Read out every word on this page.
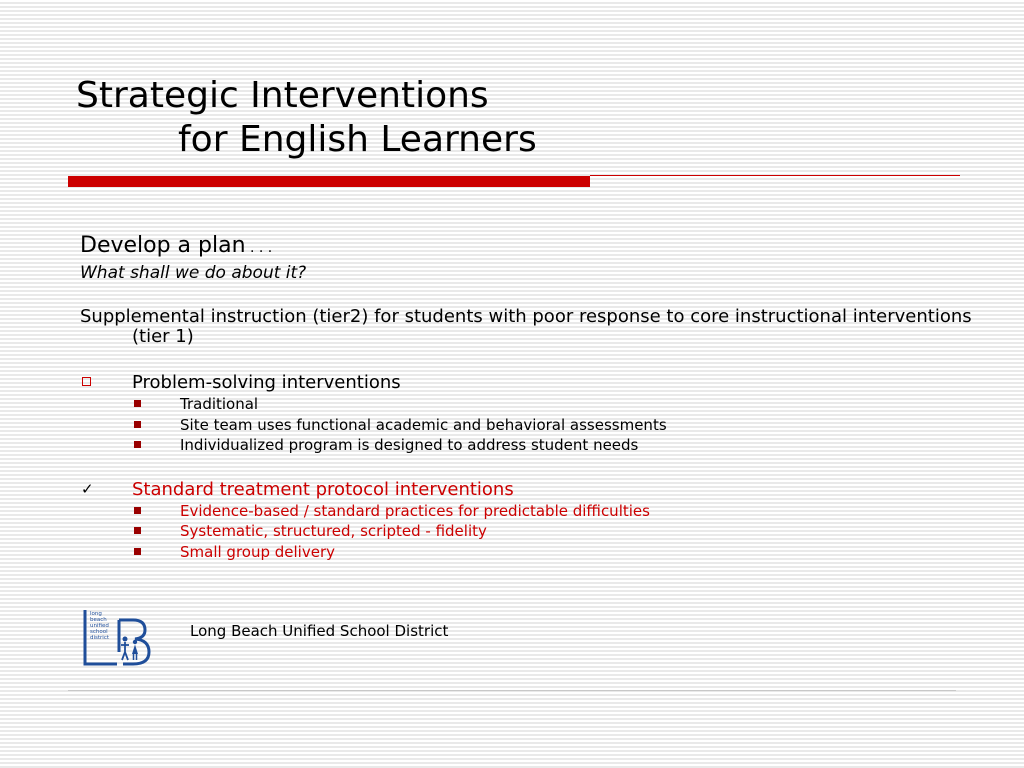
Strategic Interventions
for English Learners

Develop a plan . . .

What shall we do about it?

Supplemental instruction (tier2) for students with poor response to core instructional interventions (tier 1)

Problem-solving interventions
Traditional
Site team uses functional academic and behavioral assessments
Individualized program is designed to address student needs
✓ Standard treatment protocol interventions
Evidence-based / standard practices for predictable difficulties
Systematic, structured, scripted - fidelity
Small group delivery
long
beach
unified
school
district	Long Beach Unified School District
